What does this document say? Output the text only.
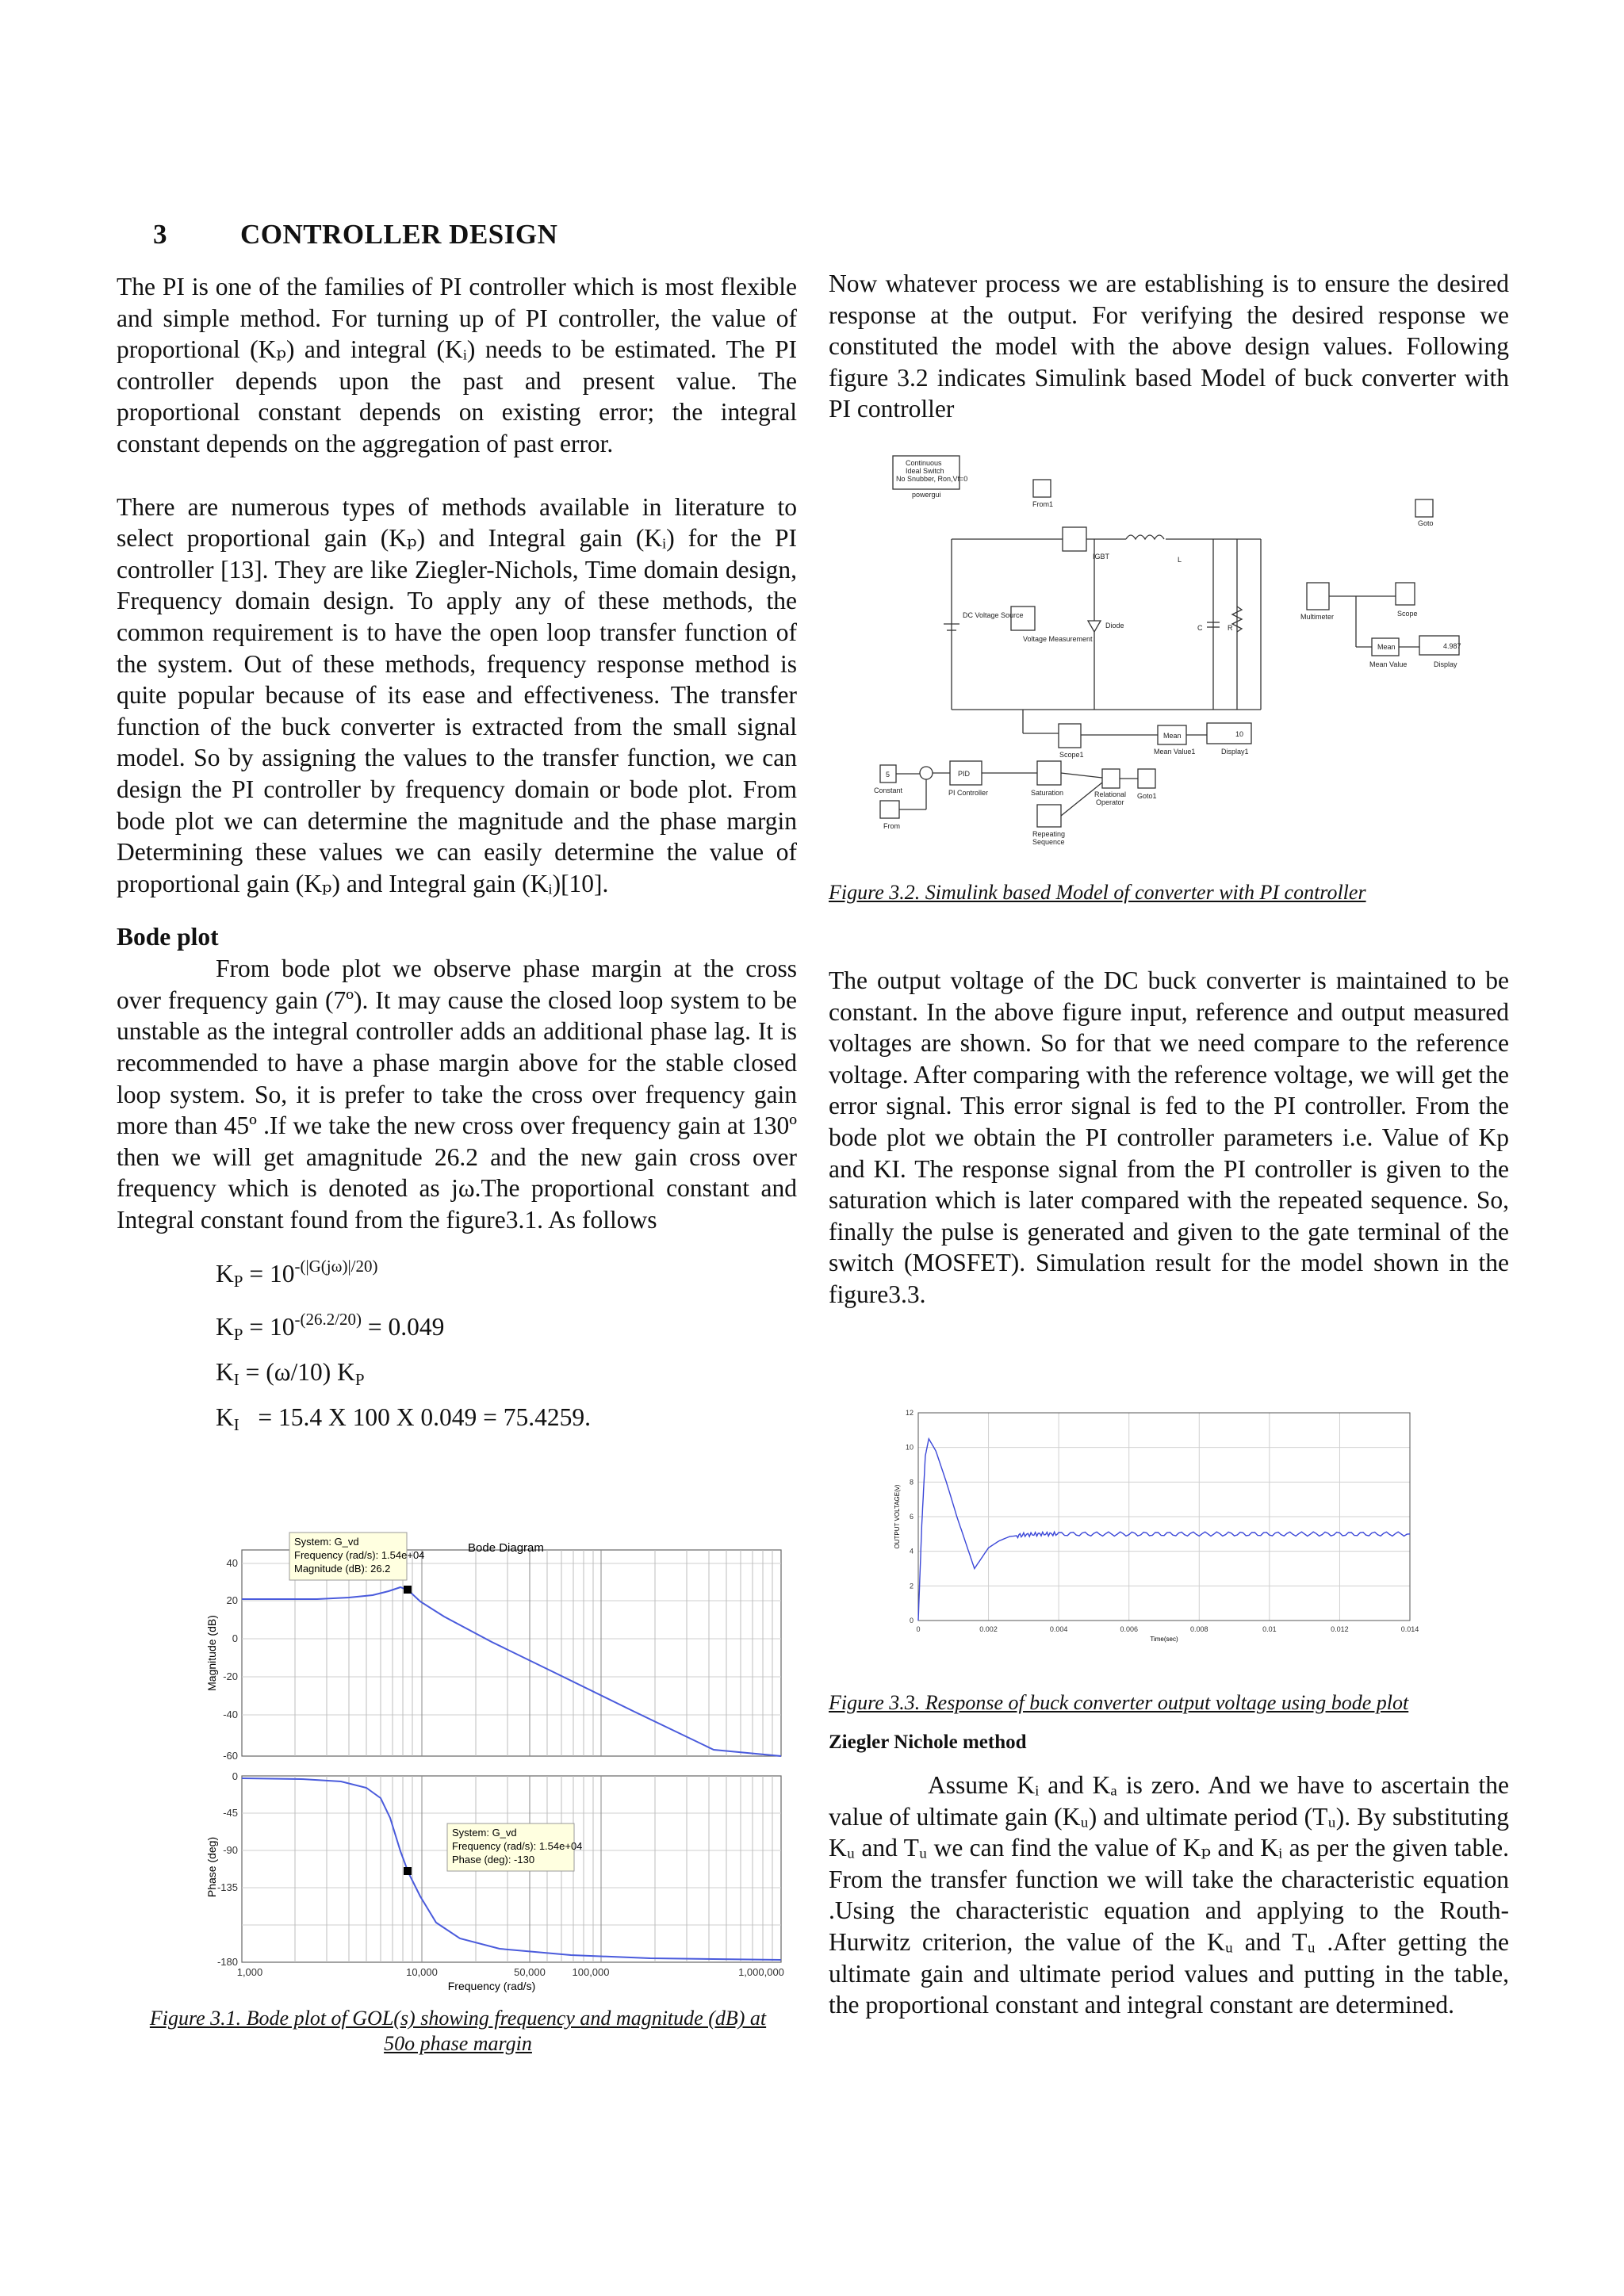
3	CONTROLLER DESIGN

The PI is one of the families of PI controller which is most flexible and simple method. For turning up of PI controller, the value of proportional (Kₚ) and integral (Kᵢ) needs to be estimated. The PI controller depends upon the past and present value. The proportional constant depends on existing error; the integral constant depends on the aggregation of past error.

There are numerous types of methods available in literature to select proportional gain (Kₚ) and Integral gain (Kᵢ) for the PI controller [13]. They are like Ziegler-Nichols, Time domain design, Frequency domain design. To apply any of these methods, the common requirement is to have the open loop transfer function of the system. Out of these methods, frequency response method is quite popular because of its ease and effectiveness. The transfer function of the buck converter is extracted from the small signal model. So by assigning the values to the transfer function, we can design the PI controller by frequency domain or bode plot. From bode plot we can determine the magnitude and the phase margin Determining these values we can easily determine the value of proportional gain (Kₚ) and Integral gain (Kᵢ)[10].

Bode plot

From bode plot we observe phase margin at the cross over frequency gain (7º). It may cause the closed loop system to be unstable as the integral controller adds an additional phase lag. It is recommended to have a phase margin above for the stable closed loop system. So, it is prefer to take the cross over frequency gain more than 45º .If we take the new cross over frequency gain at 130º then we will get amagnitude 26.2 and the new gain cross over frequency which is denoted as jω.The proportional constant and Integral constant found from the figure3.1. As follows

$K_P = 10^{-(|G(j\omega)|/20)}$
$K_P = 10^{-(26.2/20)} = 0.049$
$K_I = (\omega/10)$ $K_P$
$K_I = 15.4$ X 100 X 0.049 = 75.4259.
System: G_vd
Frequency (rad/s): 1.54e+04
Magnitude (dB): 26.2
System: G_vd
Frequency (rad/s): 1.54e+04
Phase (deg): -130
Bode Diagram
40
20
0
-20
-40
-60
0
-45
-90
-135
-180
1,000	10,000	50,000	100,000	1,000,000
Frequency (rad/s)
Magnitude (dB)
Phase (deg)
Figure 3.1. Bode plot of GOL(s) showing frequency and magnitude (dB) at
50o phase margin

Now whatever process we are establishing is to ensure the desired response at the output. For verifying the desired response we constituted the model with the above design values. Following figure 3.2 indicates Simulink based Model of buck converter with PI controller

Continuous
Ideal Switch
No Snubber, Ron,Vf=0
powergui
From1
IGBT	L
DC Voltage Source
Voltage Measurement
Diode	C	R
Goto
Multimeter	Scope
Mean
Mean Value
4.987
Display
Scope1
Mean
Mean Value1
10
Display1
5
Constant
PID
PI Controller	Saturation	Relational
Operator
Goto1
Repeating
Sequence
From
Figure 3.2. Simulink based Model of converter with PI controller

The output voltage of the DC buck converter is maintained to be constant. In the above figure input, reference and output measured voltages are shown. So for that we need compare to the reference voltage. After comparing with the reference voltage, we will get the error signal. This error signal is fed to the PI controller. From the bode plot we obtain the PI controller parameters i.e. Value of Kp and KI. The response signal from the PI controller is given to the saturation which is later compared with the repeated sequence. So, finally the pulse is generated and given to the gate terminal of the switch (MOSFET). Simulation result for the model shown in the figure3.3.

0	0.002	0.004	0.006	0.008	0.01	0.012	0.014
0
2
4
6
8
10
12
Time(sec)
OUTPUT VOLTAGE(v)
Figure 3.3. Response of buck converter output voltage using bode plot
Ziegler Nichole method

Assume Kᵢ and Kₐ is zero. And we have to ascertain the value of ultimate gain (Kᵤ) and ultimate period (Tᵤ). By substituting Kᵤ and Tᵤ we can find the value of Kₚ and Kᵢ as per the given table. From the transfer function we will take the characteristic equation .Using the characteristic equation and applying to the Routh-Hurwitz criterion, the value of the Kᵤ and Tᵤ .After getting the ultimate gain and ultimate period values and putting in the table, the proportional constant and integral constant are determined.
